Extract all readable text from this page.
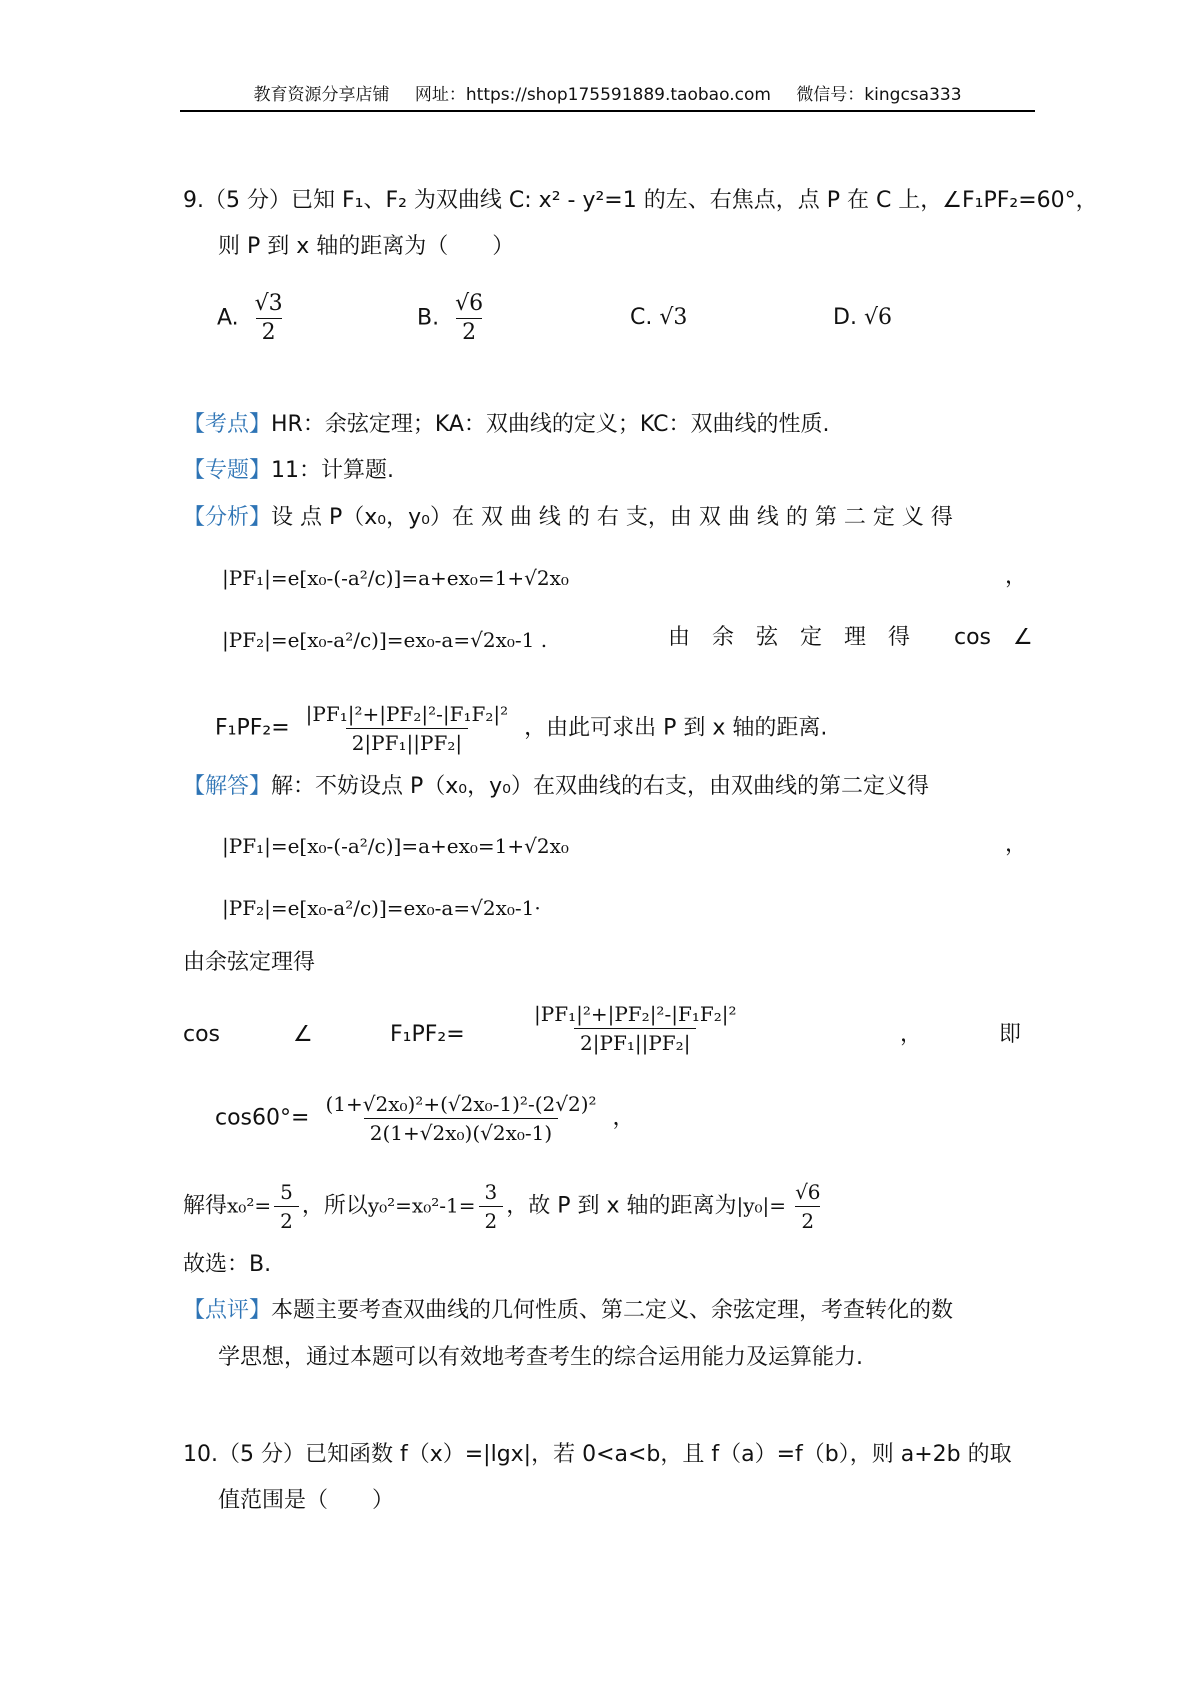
教育资源分享店铺 网址：https://shop175591889.taobao.com 微信号：kingcsa333
9.（5 分）已知 F₁、F₂ 为双曲线 C: x² - y²=1 的左、右焦点，点 P 在 C 上，∠F₁PF₂=60°，
则 P 到 x 轴的距离为（　　）
A. $\frac{√3}{2}$	B. $\frac{√6}{2}$	C. √3	D. √6
【考点】HR：余弦定理；KA：双曲线的定义；KC：双曲线的性质.
【专题】11：计算题.
【分析】设 点 P（x₀，y₀）在 双 曲 线 的 右 支，由 双 曲 线 的 第 二 定 义 得
|PF₁|=e[x₀-(-a²/c)]=a+ex₀=1+√2x₀	，
|PF₂|=e[x₀-a²/c)]=ex₀-a=√2x₀-1 .	由　余　弦　定　理　得　　cos　∠
$F_1PF_2= \frac{\text{|PF₁|²+|PF₂|²-|F₁F₂|²}}{\text{2|PF₁||PF₂|}}$ ，由此可求出 P 到 x 轴的距离.
【解答】解：不妨设点 P（x₀，y₀）在双曲线的右支，由双曲线的第二定义得
|PF₁|=e[x₀-(-a²/c)]=a+ex₀=1+√2x₀	，
|PF₂|=e[x₀-a²/c)]=ex₀-a=√2x₀-1·
由余弦定理得
cos	∠	F₁PF₂=	$\frac{\text{|PF₁|²+|PF₂|²-|F₁F₂|²}}{\text{2|PF₁||PF₂|}}$	，　　　　即
$\cos 60^\circ= \frac{\text{(1+√2x₀)²+(√2x₀-1)²-(2√2)²}}{\text{2(1+√2x₀)(√2x₀-1)}}$ ，
解得$x_0^2= \frac{5}{2}$ ，所以$y_0^2=x_0^2-1= \frac{3}{2}$ ，故 P 到 x 轴的距离为$|y_0|= \frac{√6}{2}$
故选：B.
【点评】本题主要考查双曲线的几何性质、第二定义、余弦定理，考查转化的数
学思想，通过本题可以有效地考查考生的综合运用能力及运算能力.
10.（5 分）已知函数 f（x）=|lgx|，若 0<a<b，且 f（a）=f（b），则 a+2b 的取
值范围是（　　）
